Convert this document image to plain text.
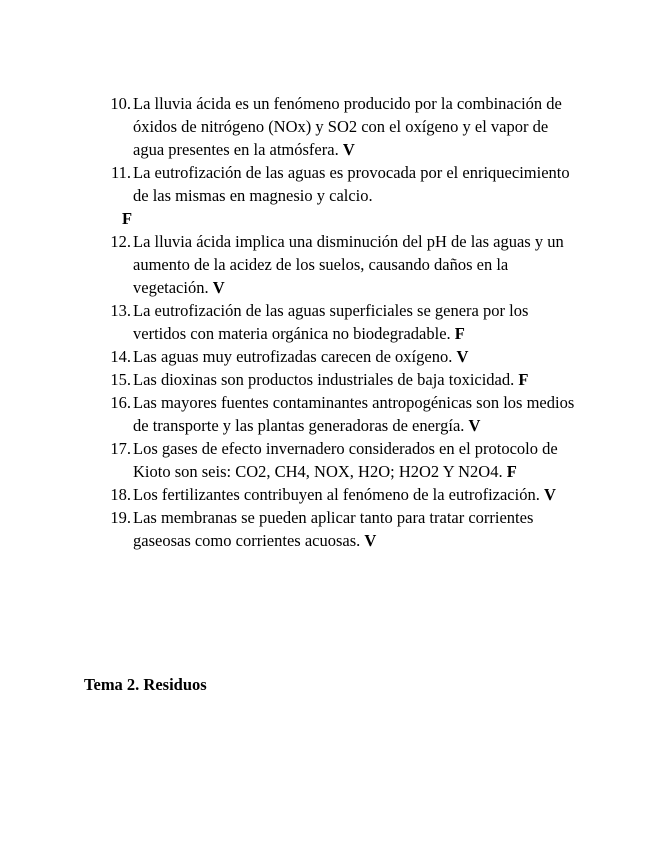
10. La lluvia ácida es un fenómeno producido por la combinación de óxidos de nitrógeno (NOx) y SO2 con el oxígeno y el vapor de agua presentes en la atmósfera. V
11. La eutrofización de las aguas es provocada por el enriquecimiento de las mismas en magnesio y calcio.
F
12. La lluvia ácida implica una disminución del pH de las aguas y un aumento de la acidez de los suelos, causando daños en la vegetación. V
13. La eutrofización de las aguas superficiales se genera por los vertidos con materia orgánica no biodegradable. F
14. Las aguas muy eutrofizadas carecen de oxígeno. V
15. Las dioxinas son productos industriales de baja toxicidad. F
16. Las mayores fuentes contaminantes antropogénicas son los medios de transporte y las plantas generadoras de energía. V
17. Los gases de efecto invernadero considerados en el protocolo de Kioto son seis: CO2, CH4, NOX, H2O; H2O2 Y N2O4. F
18. Los fertilizantes contribuyen al fenómeno de la eutrofización. V
19. Las membranas se pueden aplicar tanto para tratar corrientes gaseosas como corrientes acuosas. V

Tema 2. Residuos
